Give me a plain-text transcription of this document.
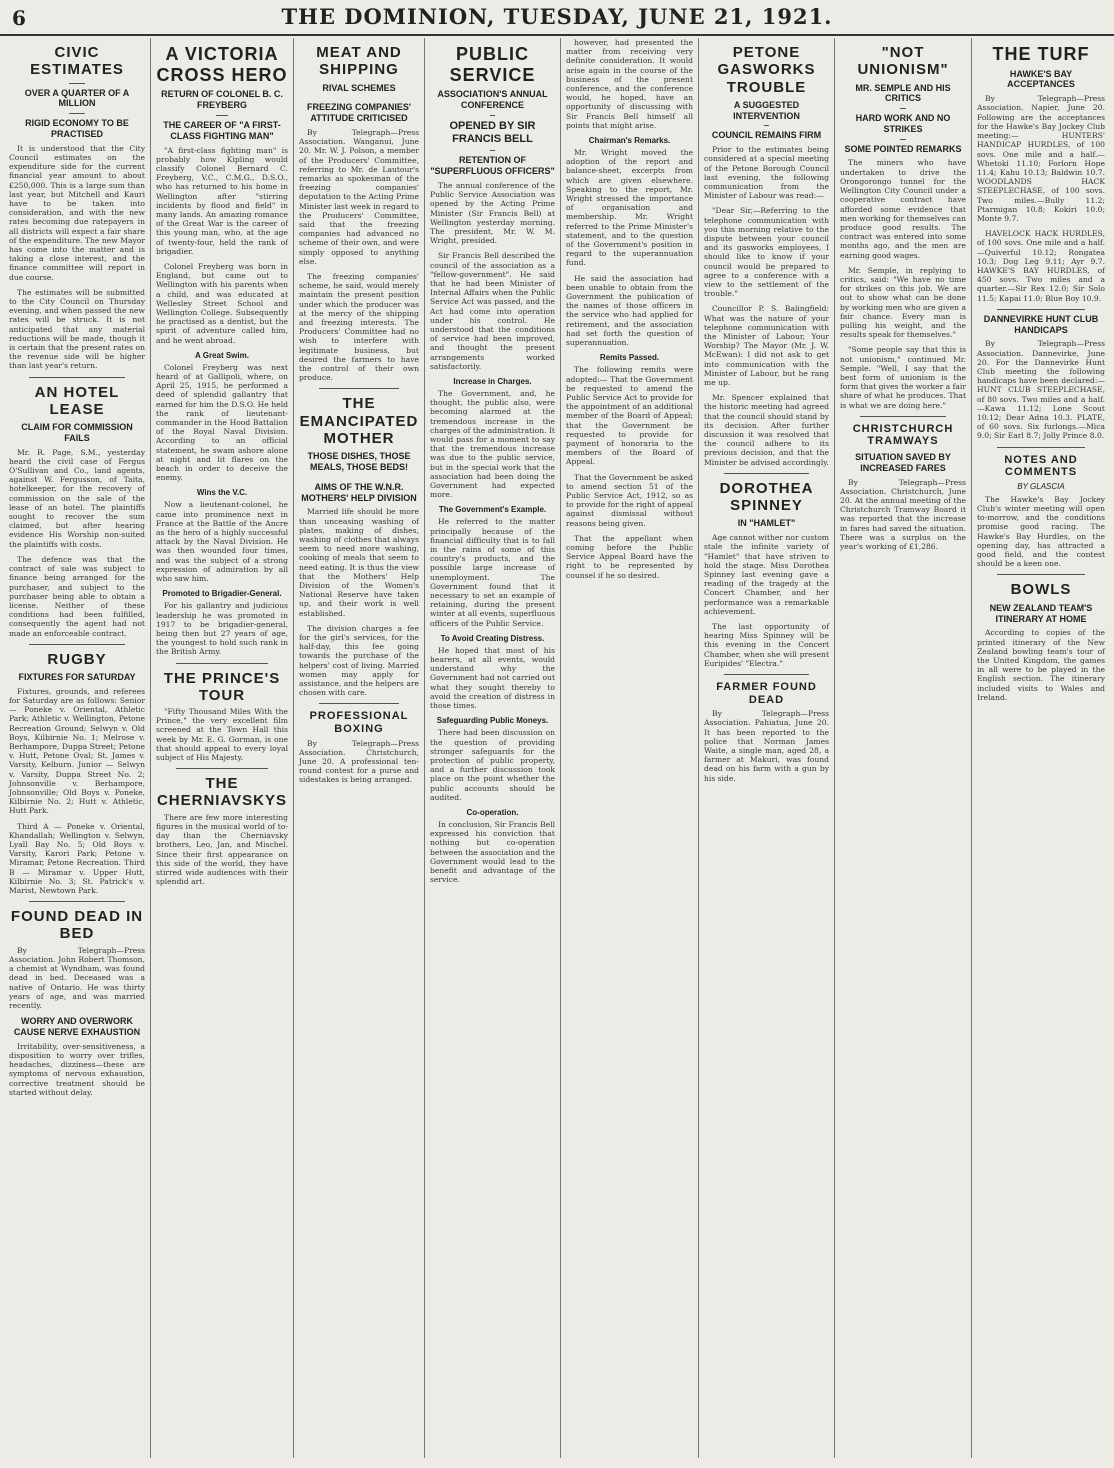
6	THE DOMINION, TUESDAY, JUNE 21, 1921.
CIVIC ESTIMATES
OVER A QUARTER OF A MILLION
RIGID ECONOMY TO BE PRACTISED

It is understood that the City Council estimates on the expenditure side for the current financial year amount to about £250,000. This is a large sum than last year, but Mitchell and Kauri have to be taken into consideration, and with the new rates becoming due ratepayers in all districts will expect a fair share of the expenditure. The new Mayor has come into the matter and is taking a close interest, and the finance committee will report in due course.

The estimates will be submitted to the City Council on Thursday evening, and when passed the new rates will be struck. It is not anticipated that any material reductions will be made, though it is certain that the present rates on the revenue side will be higher than last year's return.

AN HOTEL LEASE
CLAIM FOR COMMISSION FAILS

Mr. R. Page, S.M., yesterday heard the civil case of Fergus O'Sullivan and Co., land agents, against W. Fergusson, of Taita, hotelkeeper, for the recovery of commission on the sale of the lease of an hotel. The plaintiffs sought to recover the sum claimed, but after hearing evidence His Worship non-suited the plaintiffs with costs.

The defence was that the contract of sale was subject to finance being arranged for the purchaser, and subject to the purchaser being able to obtain a license. Neither of these conditions had been fulfilled, consequently the agent had not made an enforceable contract.

RUGBY
FIXTURES FOR SATURDAY

Fixtures, grounds, and referees for Saturday are as follows: Senior — Poneke v. Oriental, Athletic Park; Athletic v. Wellington, Petone Recreation Ground; Selwyn v. Old Boys, Kilbirnie No. 1; Melrose v. Berhampore, Duppa Street; Petone v. Hutt, Petone Oval; St. James v. Varsity, Kelburn. Junior — Selwyn v. Varsity, Duppa Street No. 2; Johnsonville v. Berhampore, Johnsonville; Old Boys v. Poneke, Kilbirnie No. 2; Hutt v. Athletic, Hutt Park.

Third A — Poneke v. Oriental, Khandallah; Wellington v. Selwyn, Lyall Bay No. 5; Old Boys v. Varsity, Karori Park; Petone v. Miramar, Petone Recreation. Third B — Miramar v. Upper Hutt, Kilbirnie No. 3; St. Patrick's v. Marist, Newtown Park.

FOUND DEAD IN BED

By Telegraph—Press Association. John Robert Thomson, a chemist at Wyndham, was found dead in bed. Deceased was a native of Ontario. He was thirty years of age, and was married recently.

WORRY AND OVERWORK CAUSE NERVE EXHAUSTION

Irritability, over-sensitiveness, a disposition to worry over trifles, headaches, dizziness—these are symptoms of nervous exhaustion, corrective treatment should be started without delay.

A VICTORIA CROSS HERO
RETURN OF COLONEL B. C. FREYBERG
THE CAREER OF "A FIRST-CLASS FIGHTING MAN"

"A first-class fighting man" is probably how Kipling would classify Colonel Bernard C. Freyberg, V.C., C.M.G., D.S.O., who has returned to his home in Wellington after "stirring incidents by flood and field" in many lands. An amazing romance of the Great War is the career of this young man, who, at the age of twenty-four, held the rank of brigadier.

Colonel Freyberg was born in England, but came out to Wellington with his parents when a child, and was educated at Wellesley Street School and Wellington College. Subsequently he practised as a dentist, but the spirit of adventure called him, and he went abroad.

A Great Swim.

Colonel Freyberg was next heard of at Gallipoli, where, on April 25, 1915, he performed a deed of splendid gallantry that earned for him the D.S.O. He held the rank of lieutenant-commander in the Hood Battalion of the Royal Naval Division. According to an official statement, he swam ashore alone at night and lit flares on the beach in order to deceive the enemy.

Wins the V.C.

Now a lieutenant-colonel, he came into prominence next in France at the Battle of the Ancre as the hero of a highly successful attack by the Naval Division. He was then wounded four times, and was the subject of a strong expression of admiration by all who saw him.

Promoted to Brigadier-General.

For his gallantry and judicious leadership he was promoted in 1917 to be brigadier-general, being then but 27 years of age, the youngest to hold such rank in the British Army.

THE PRINCE'S TOUR

"Fifty Thousand Miles With the Prince," the very excellent film screened at the Town Hall this week by Mr. E. G. Gorman, is one that should appeal to every loyal subject of His Majesty.

THE CHERNIAVSKYS

There are few more interesting figures in the musical world of to-day than the Cherniavsky brothers, Leo, Jan, and Mischel. Since their first appearance on this side of the world, they have stirred wide audiences with their splendid art.

MEAT AND SHIPPING
RIVAL SCHEMES
FREEZING COMPANIES' ATTITUDE CRITICISED

By Telegraph—Press Association. Wanganui, June 20. Mr. W. J. Polson, a member of the Producers' Committee, referring to Mr. de Lautour's remarks as spokesman of the freezing companies' deputation to the Acting Prime Minister last week in regard to the Producers' Committee, said that the freezing companies had advanced no scheme of their own, and were simply opposed to anything else.

The freezing companies' scheme, he said, would merely maintain the present position under which the producer was at the mercy of the shipping and freezing interests. The Producers' Committee had no wish to interfere with legitimate business, but desired the farmers to have the control of their own produce.

THE EMANCIPATED MOTHER
THOSE DISHES, THOSE MEALS, THOSE BEDS!
AIMS OF THE W.N.R. MOTHERS' HELP DIVISION

Married life should be more than unceasing washing of plates, making of dishes, washing of clothes that always seem to need more washing, cooking of meals that seem to need eating. It is thus the view that the Mothers' Help Division of the Women's National Reserve have taken up, and their work is well established.

The division charges a fee for the girl's services, for the half-day, this fee going towards the purchase of the helpers' cost of living. Married women may apply for assistance, and the helpers are chosen with care.

PROFESSIONAL BOXING

By Telegraph—Press Association. Christchurch, June 20. A professional ten-round contest for a purse and sidestakes is being arranged.

PUBLIC SERVICE
ASSOCIATION'S ANNUAL CONFERENCE
OPENED BY SIR FRANCIS BELL
RETENTION OF "SUPERFLUOUS OFFICERS"

The annual conference of the Public Service Association was opened by the Acting Prime Minister (Sir Francis Bell) at Wellington yesterday morning. The president, Mr. W. M. Wright, presided.

Sir Francis Bell described the council of the association as a "fellow-government". He said that he had been Minister of Internal Affairs when the Public Service Act was passed, and the Act had come into operation under his control. He understood that the conditions of service had been improved, and thought the present arrangements worked satisfactorily.

Increase in Charges.

The Government, and, he thought, the public also, were becoming alarmed at the tremendous increase in the charges of the administration. It would pass for a moment to say that the tremendous increase was due to the public service, but in the special work that the association had been doing the Government had expected more.

The Government's Example.

He referred to the matter principally because of the financial difficulty that is to fall in the rains of some of this country's products, and the possible large increase of unemployment. The Government found that it necessary to set an example of retaining, during the present winter at all events, superfluous officers of the Public Service.

To Avoid Creating Distress.

He hoped that most of his hearers, at all events, would understand why the Government had not carried out what they sought thereby to avoid the creation of distress in those times.

Safeguarding Public Moneys.

There had been discussion on the question of providing stronger safeguards for the protection of public property, and a further discussion took place on the point whether the public accounts should be audited.

Co-operation.

In conclusion, Sir Francis Bell expressed his conviction that nothing but co-operation between the association and the Government would lead to the benefit and advantage of the service.

however, had presented the matter from receiving very definite consideration. It would arise again in the course of the business of the present conference, and the conference would, he hoped, have an opportunity of discussing with Sir Francis Bell himself all points that might arise.

Chairman's Remarks.

Mr. Wright moved the adoption of the report and balance-sheet, excerpts from which are given elsewhere. Speaking to the report, Mr. Wright stressed the importance of organisation and membership. Mr. Wright referred to the Prime Minister's statement, and to the question of the Government's position in regard to the superannuation fund.

He said the association had been unable to obtain from the Government the publication of the names of those officers in the service who had applied for retirement, and the association had set forth the question of superannuation.

Remits Passed.

The following remits were adopted:— That the Government be requested to amend the Public Service Act to provide for the appointment of an additional member of the Board of Appeal; that the Government be requested to provide for payment of honoraria to the members of the Board of Appeal.

That the Government be asked to amend section 51 of the Public Service Act, 1912, so as to provide for the right of appeal against dismissal without reasons being given.

That the appellant when coming before the Public Service Appeal Board have the right to be represented by counsel if he so desired.

PETONE GASWORKS TROUBLE
A SUGGESTED INTERVENTION
COUNCIL REMAINS FIRM

Prior to the estimates being considered at a special meeting of the Petone Borough Council last evening, the following communication from the Minister of Labour was read:—

"Dear Sir,—Referring to the telephone communication with you this morning relative to the dispute between your council and its gasworks employees, I should like to know if your council would be prepared to agree to a conference with a view to the settlement of the trouble."

Councillor P. S. Balingfield: What was the nature of your telephone communication with the Minister of Labour, Your Worship? The Mayor (Mr. J. W. McEwan): I did not ask to get into communication with the Minister of Labour, but he rang me up.

Mr. Spencer explained that the historic meeting had agreed that the council should stand by its decision. After further discussion it was resolved that the council adhere to its previous decision, and that the Minister be advised accordingly.

DOROTHEA SPINNEY
IN "HAMLET"

Age cannot wither nor custom stale the infinite variety of "Hamlet" that have striven to hold the stage. Miss Dorothea Spinney last evening gave a reading of the tragedy at the Concert Chamber, and her performance was a remarkable achievement.

The last opportunity of hearing Miss Spinney will be this evening in the Concert Chamber, when she will present Euripides' "Electra."

FARMER FOUND DEAD

By Telegraph—Press Association. Pahiatua, June 20. It has been reported to the police that Norman James Waite, a single man, aged 28, a farmer at Makuri, was found dead on his farm with a gun by his side.

"NOT UNIONISM"
MR. SEMPLE AND HIS CRITICS
HARD WORK AND NO STRIKES
SOME POINTED REMARKS

The miners who have undertaken to drive the Orongorongo tunnel for the Wellington City Council under a cooperative contract have afforded some evidence that men working for themselves can produce good results. The contract was entered into some months ago, and the men are earning good wages.

Mr. Semple, in replying to critics, said: "We have no time for strikes on this job. We are out to show what can be done by working men who are given a fair chance. Every man is pulling his weight, and the results speak for themselves."

"Some people say that this is not unionism," continued Mr. Semple. "Well, I say that the best form of unionism is the form that gives the worker a fair share of what he produces. That is what we are doing here."

CHRISTCHURCH TRAMWAYS
SITUATION SAVED BY INCREASED FARES

By Telegraph—Press Association. Christchurch, June 20. At the annual meeting of the Christchurch Tramway Board it was reported that the increase in fares had saved the situation. There was a surplus on the year's working of £1,286.

THE TURF
HAWKE'S BAY ACCEPTANCES

By Telegraph—Press Association. Napier, June 20. Following are the acceptances for the Hawke's Bay Jockey Club meeting:— HUNTERS' HANDICAP HURDLES, of 100 sovs. One mile and a half.—Whetoki 11.10; Forlorn Hope 11.4; Kahu 10.13; Baldwin 10.7. WOODLANDS HACK STEEPLECHASE, of 100 sovs. Two miles.—Bully 11.2; Ptarmigan 10.8; Kokiri 10.0; Monte 9.7.

HAVELOCK HACK HURDLES, of 100 sovs. One mile and a half.—Quiverful 10.12; Rongatea 10.3; Dog Leg 9.11; Ayr 9.7. HAWKE'S BAY HURDLES, of 450 sovs. Two miles and a quarter.—Sir Rex 12.0; Sir Solo 11.5; Kapai 11.0; Blue Boy 10.9.

DANNEVIRKE HUNT CLUB HANDICAPS

By Telegraph—Press Association. Dannevirke, June 20. For the Dannevirke Hunt Club meeting the following handicaps have been declared:— HUNT CLUB STEEPLECHASE, of 80 sovs. Two miles and a half.—Kawa 11.12; Lone Scout 10.12; Dear Adna 10.3. PLATE, of 60 sovs. Six furlongs.—Mica 9.0; Sir Earl 8.7; Jolly Prince 8.0.

NOTES AND COMMENTS
BY GLASCIA

The Hawke's Bay Jockey Club's winter meeting will open to-morrow, and the conditions promise good racing. The Hawke's Bay Hurdles, on the opening day, has attracted a good field, and the contest should be a keen one.

BOWLS
NEW ZEALAND TEAM'S ITINERARY AT HOME

According to copies of the printed itinerary of the New Zealand bowling team's tour of the United Kingdom, the games in all were to be played in the English section. The itinerary included visits to Wales and Ireland.
